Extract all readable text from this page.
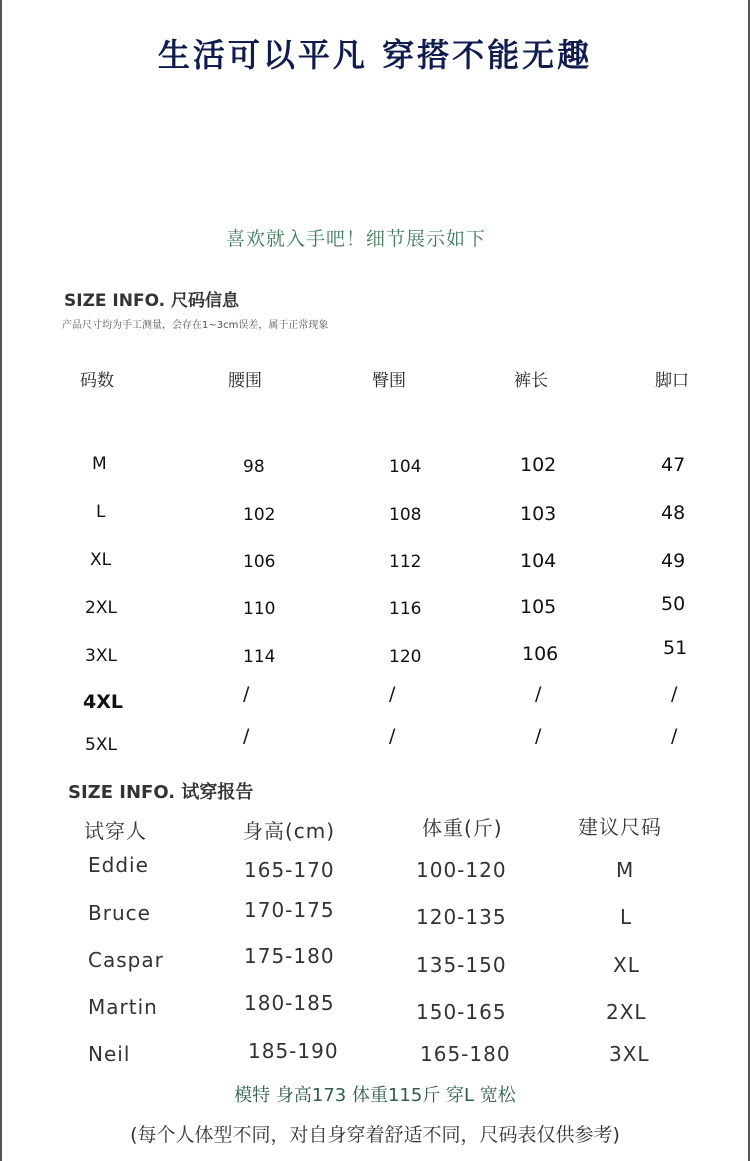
生活可以平凡 穿搭不能无趣
喜欢就入手吧！细节展示如下
SIZE INFO. 尺码信息
产品尺寸均为手工测量，会存在1~3cm误差，属于正常现象
码数	腰围	臀围	裤长	脚口
M	98	104	102	47
L	102	108	103	48
XL	106	112	104	49
2XL	110	116	105	50
3XL	114	120	106	51
4XL	/	/	/	/
5XL	/	/	/	/
SIZE INFO. 试穿报告
试穿人	身高(cm)	体重(斤)	建议尺码
Eddie	165-170	100-120	M
Bruce	170-175	120-135	L
Caspar	175-180	135-150	XL
Martin	180-185	150-165	2XL
Neil	185-190	165-180	3XL
模特 身高173 体重115斤 穿L 宽松
(每个人体型不同，对自身穿着舒适不同，尺码表仅供参考)
